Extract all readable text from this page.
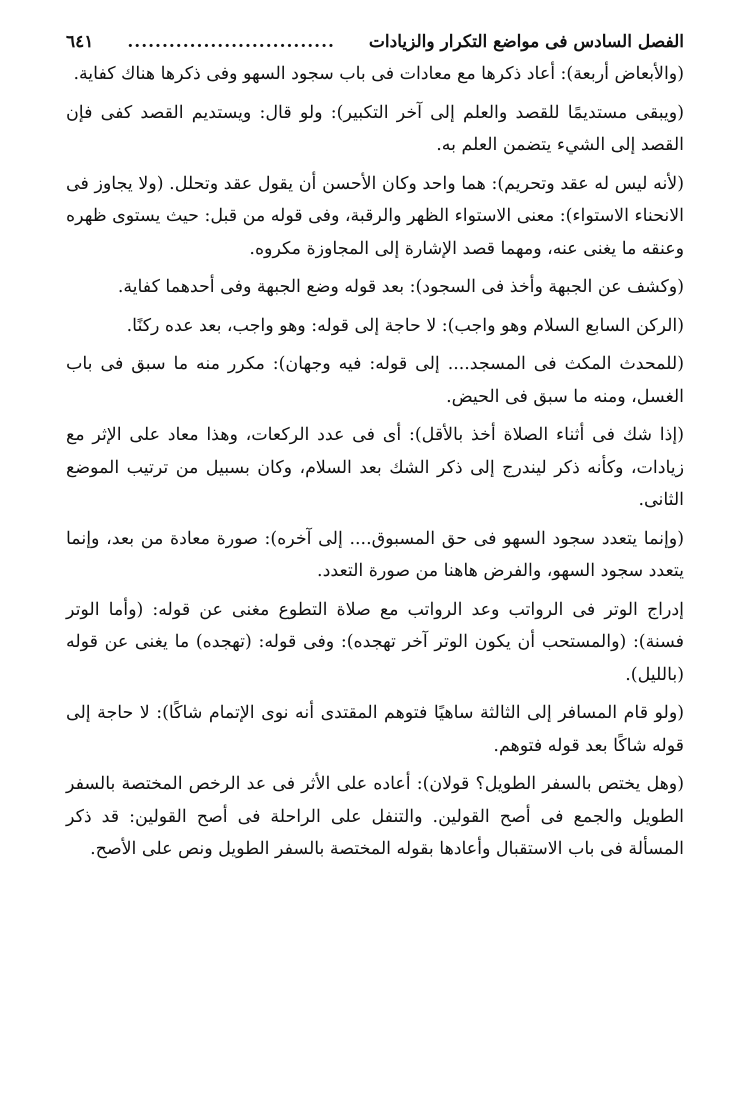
الفصل السادس فى مواضع التكرار والزيادات
..............................
٦٤١

(والأبعاض أربعة): أعاد ذكرها مع معادات فى باب سجود السهو وفى ذكرها هناك كفاية.

(ويبقى مستديمًا للقصد والعلم إلى آخر التكبير): ولو قال: ويستديم القصد كفى فإن القصد إلى الشيء يتضمن العلم به.

(لأنه ليس له عقد وتحريم): هما واحد وكان الأحسن أن يقول عقد وتحلل. (ولا يجاوز فى الانحناء الاستواء): معنى الاستواء الظهر والرقبة، وفى قوله من قبل: حيث يستوى ظهره وعنقه ما يغنى عنه، ومهما قصد الإشارة إلى المجاوزة مكروه.

(وكشف عن الجبهة وأخذ فى السجود): بعد قوله وضع الجبهة وفى أحدهما كفاية.

(الركن السابع السلام وهو واجب): لا حاجة إلى قوله: وهو واجب، بعد عده ركنًا.

(للمحدث المكث فى المسجد.... إلى قوله: فيه وجهان): مكرر منه ما سبق فى باب الغسل، ومنه ما سبق فى الحيض.

(إذا شك فى أثناء الصلاة أخذ بالأقل): أى فى عدد الركعات، وهذا معاد على الإثر مع زيادات، وكأنه ذكر ليندرج إلى ذكر الشك بعد السلام، وكان بسبيل من ترتيب الموضع الثانى.

(وإنما يتعدد سجود السهو فى حق المسبوق.... إلى آخره): صورة معادة من بعد، وإنما يتعدد سجود السهو، والفرض هاهنا من صورة التعدد.

إدراج الوتر فى الرواتب وعد الرواتب مع صلاة التطوع مغنى عن قوله: (وأما الوتر فسنة): (والمستحب أن يكون الوتر آخر تهجده): وفى قوله: (تهجده) ما يغنى عن قوله (بالليل).

(ولو قام المسافر إلى الثالثة ساهيًا فتوهم المقتدى أنه نوى الإتمام شاكًا): لا حاجة إلى قوله شاكًا بعد قوله فتوهم.

(وهل يختص بالسفر الطويل؟ قولان): أعاده على الأثر فى عد الرخص المختصة بالسفر الطويل والجمع فى أصح القولين. والتنفل على الراحلة فى أصح القولين: قد ذكر المسألة فى باب الاستقبال وأعادها بقوله المختصة بالسفر الطويل ونص على الأصح.
